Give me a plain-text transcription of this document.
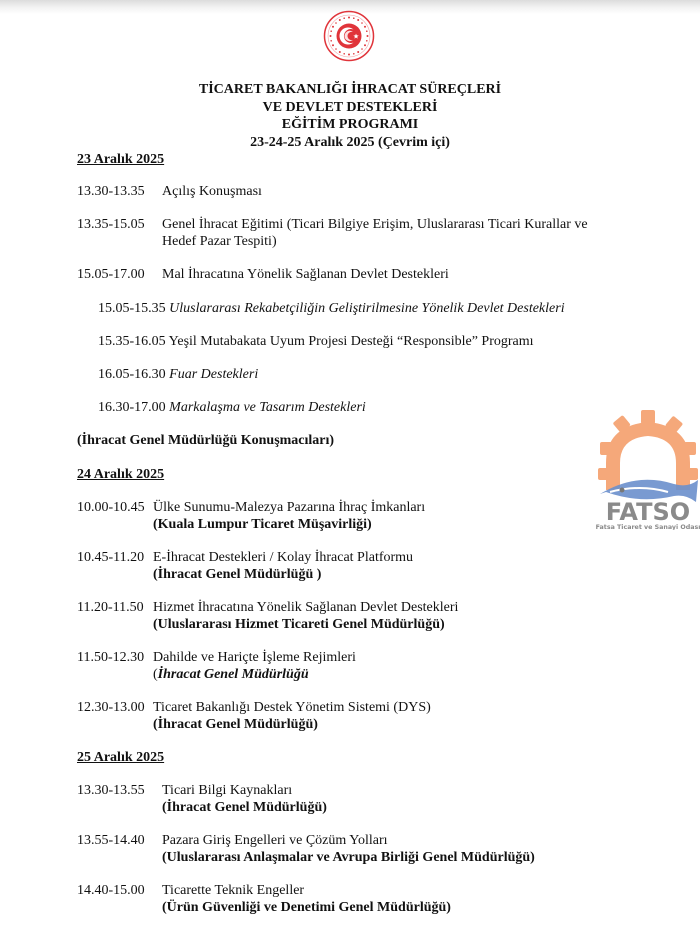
TİCARET BAKANLIĞI İHRACAT SÜREÇLERİ
VE DEVLET DESTEKLERİ
EĞİTİM PROGRAMI
23-24-25 Aralık 2025 (Çevrim içi)
23 Aralık 2025
13.30-13.35 Açılış Konuşması
13.35-15.05 Genel İhracat Eğitimi (Ticari Bilgiye Erişim, Uluslararası Ticari Kurallar ve
Hedef Pazar Tespiti)
15.05-17.00 Mal İhracatına Yönelik Sağlanan Devlet Destekleri
15.05-15.35 Uluslararası Rekabetçiliğin Geliştirilmesine Yönelik Devlet Destekleri
15.35-16.05 Yeşil Mutabakata Uyum Projesi Desteği “Responsible” Programı
16.05-16.30 Fuar Destekleri
16.30-17.00 Markalaşma ve Tasarım Destekleri
(İhracat Genel Müdürlüğü Konuşmacıları)
24 Aralık 2025
10.00-10.45 Ülke Sunumu-Malezya Pazarına İhraç İmkanları
(Kuala Lumpur Ticaret Müşavirliği)
10.45-11.20 E-İhracat Destekleri / Kolay İhracat Platformu
(İhracat Genel Müdürlüğü )
11.20-11.50 Hizmet İhracatına Yönelik Sağlanan Devlet Destekleri
(Uluslararası Hizmet Ticareti Genel Müdürlüğü)
11.50-12.30 Dahilde ve Hariçte İşleme Rejimleri
(İhracat Genel Müdürlüğü
12.30-13.00 Ticaret Bakanlığı Destek Yönetim Sistemi (DYS)
(İhracat Genel Müdürlüğü)
25 Aralık 2025
13.30-13.55 Ticari Bilgi Kaynakları
(İhracat Genel Müdürlüğü)
13.55-14.40 Pazara Giriş Engelleri ve Çözüm Yolları
(Uluslararası Anlaşmalar ve Avrupa Birliği Genel Müdürlüğü)
14.40-15.00 Ticarette Teknik Engeller
(Ürün Güvenliği ve Denetimi Genel Müdürlüğü)
FATSO
Fatsa Ticaret ve Sanayi Odası
